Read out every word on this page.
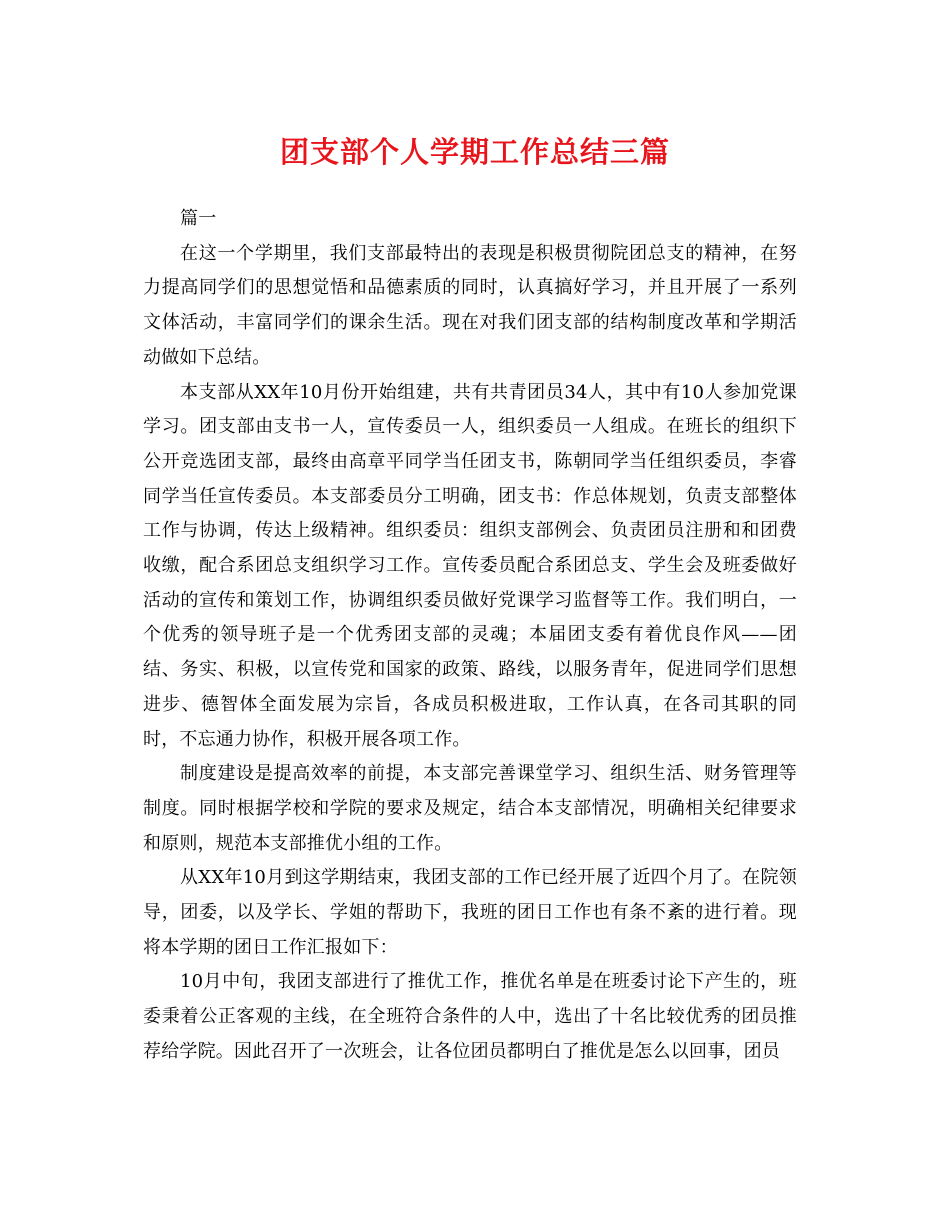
团支部个人学期工作总结三篇

篇一

在这一个学期里，我们支部最特出的表现是积极贯彻院团总支的精神，在努力提高同学们的思想觉悟和品德素质的同时，认真搞好学习，并且开展了一系列文体活动，丰富同学们的课余生活。现在对我们团支部的结构制度改革和学期活动做如下总结。

本支部从XX年10月份开始组建，共有共青团员34人，其中有10人参加党课学习。团支部由支书一人，宣传委员一人，组织委员一人组成。在班长的组织下公开竞选团支部，最终由高章平同学当任团支书，陈朝同学当任组织委员，李睿同学当任宣传委员。本支部委员分工明确，团支书：作总体规划，负责支部整体工作与协调，传达上级精神。组织委员：组织支部例会、负责团员注册和和团费收缴，配合系团总支组织学习工作。宣传委员配合系团总支、学生会及班委做好活动的宣传和策划工作，协调组织委员做好党课学习监督等工作。我们明白，一个优秀的领导班子是一个优秀团支部的灵魂；本届团支委有着优良作风——团结、务实、积极，以宣传党和国家的政策、路线，以服务青年，促进同学们思想进步、德智体全面发展为宗旨，各成员积极进取，工作认真，在各司其职的同时，不忘通力协作，积极开展各项工作。

制度建设是提高效率的前提，本支部完善课堂学习、组织生活、财务管理等制度。同时根据学校和学院的要求及规定，结合本支部情况，明确相关纪律要求和原则，规范本支部推优小组的工作。

从XX年10月到这学期结束，我团支部的工作已经开展了近四个月了。在院领导，团委，以及学长、学姐的帮助下，我班的团日工作也有条不紊的进行着。现将本学期的团日工作汇报如下：

10月中旬，我团支部进行了推优工作，推优名单是在班委讨论下产生的，班委秉着公正客观的主线，在全班符合条件的人中，选出了十名比较优秀的团员推荐给学院。因此召开了一次班会，让各位团员都明白了推优是怎么以回事，团员
